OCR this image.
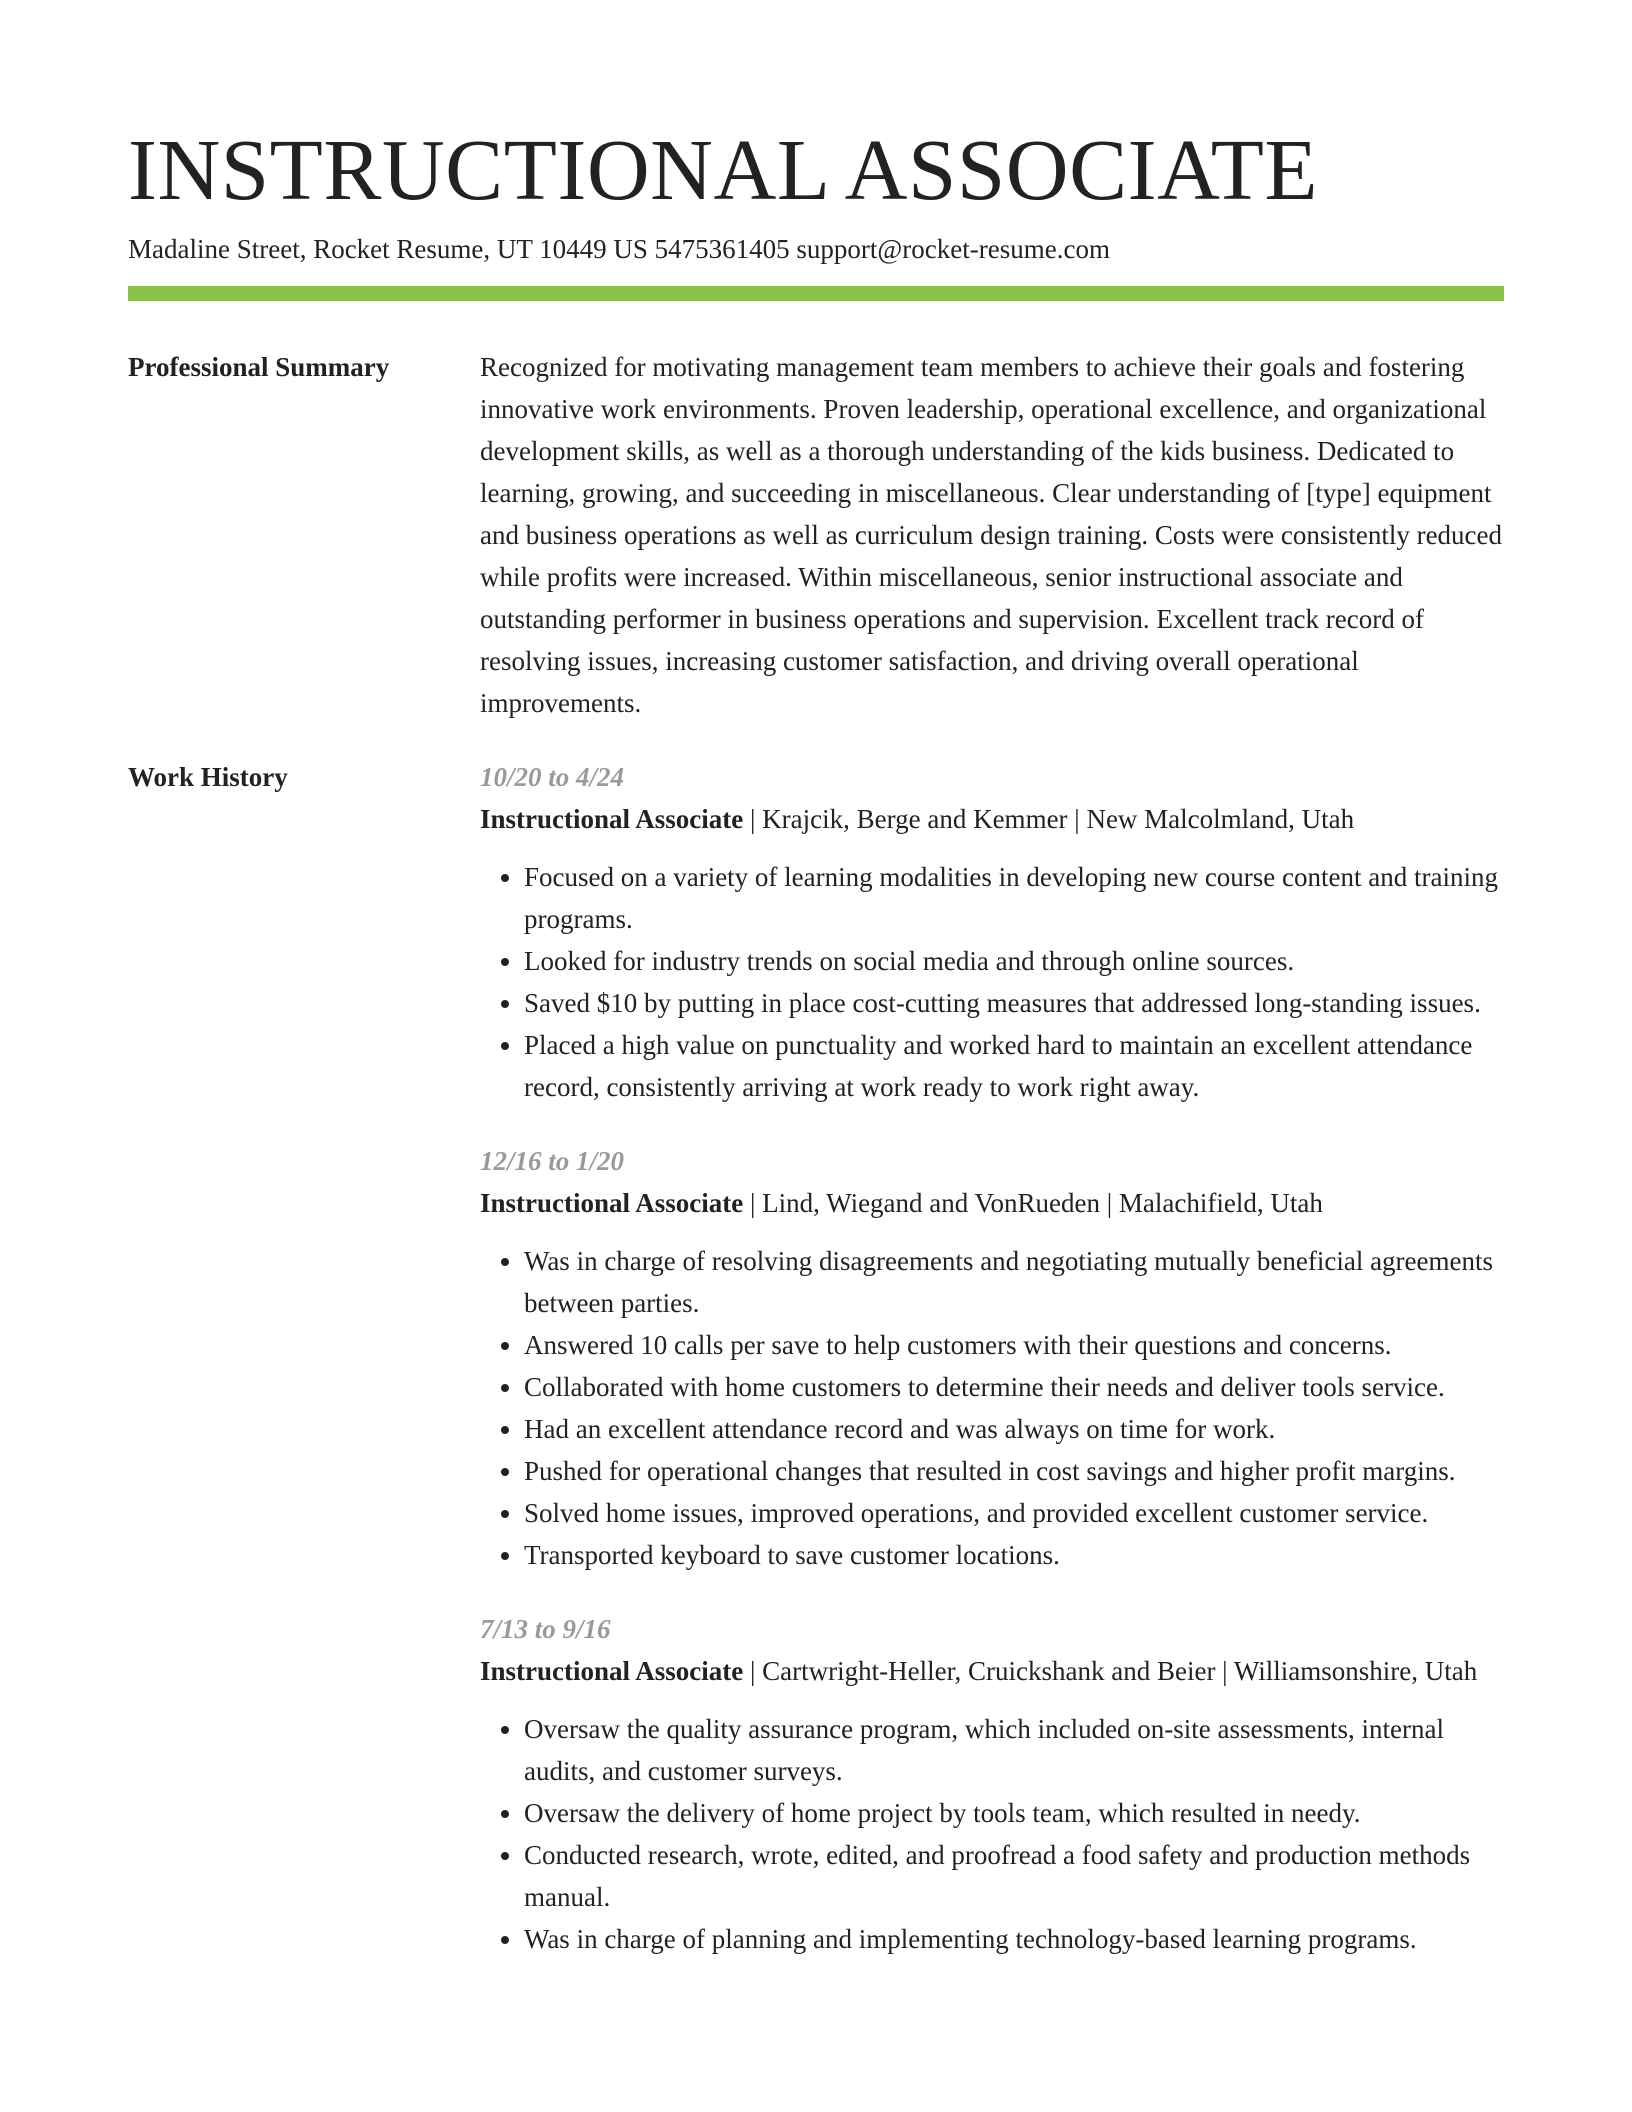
INSTRUCTIONAL ASSOCIATE
Madaline Street, Rocket Resume, UT 10449 US 5475361405 support@rocket-resume.com
Professional Summary	Recognized for motivating management team members to achieve their goals and fostering innovative work environments. Proven leadership, operational excellence, and organizational development skills, as well as a thorough understanding of the kids business. Dedicated to learning, growing, and succeeding in miscellaneous. Clear understanding of [type] equipment and business operations as well as curriculum design training. Costs were consistently reduced while profits were increased. Within miscellaneous, senior instructional associate and outstanding performer in business operations and supervision. Excellent track record of resolving issues, increasing customer satisfaction, and driving overall operational improvements.

Work History	10/20 to 4/24
Instructional Associate | Krajcik, Berge and Kemmer | New Malcolmland, Utah
• Focused on a variety of learning modalities in developing new course content and training programs.
• Looked for industry trends on social media and through online sources.
• Saved $10 by putting in place cost-cutting measures that addressed long-standing issues.
• Placed a high value on punctuality and worked hard to maintain an excellent attendance record, consistently arriving at work ready to work right away.
12/16 to 1/20
Instructional Associate | Lind, Wiegand and VonRueden | Malachifield, Utah
• Was in charge of resolving disagreements and negotiating mutually beneficial agreements between parties.
• Answered 10 calls per save to help customers with their questions and concerns.
• Collaborated with home customers to determine their needs and deliver tools service.
• Had an excellent attendance record and was always on time for work.
• Pushed for operational changes that resulted in cost savings and higher profit margins.
• Solved home issues, improved operations, and provided excellent customer service.
• Transported keyboard to save customer locations.
7/13 to 9/16
Instructional Associate | Cartwright-Heller, Cruickshank and Beier | Williamsonshire, Utah
• Oversaw the quality assurance program, which included on-site assessments, internal audits, and customer surveys.
• Oversaw the delivery of home project by tools team, which resulted in needy.
• Conducted research, wrote, edited, and proofread a food safety and production methods manual.
• Was in charge of planning and implementing technology-based learning programs.
